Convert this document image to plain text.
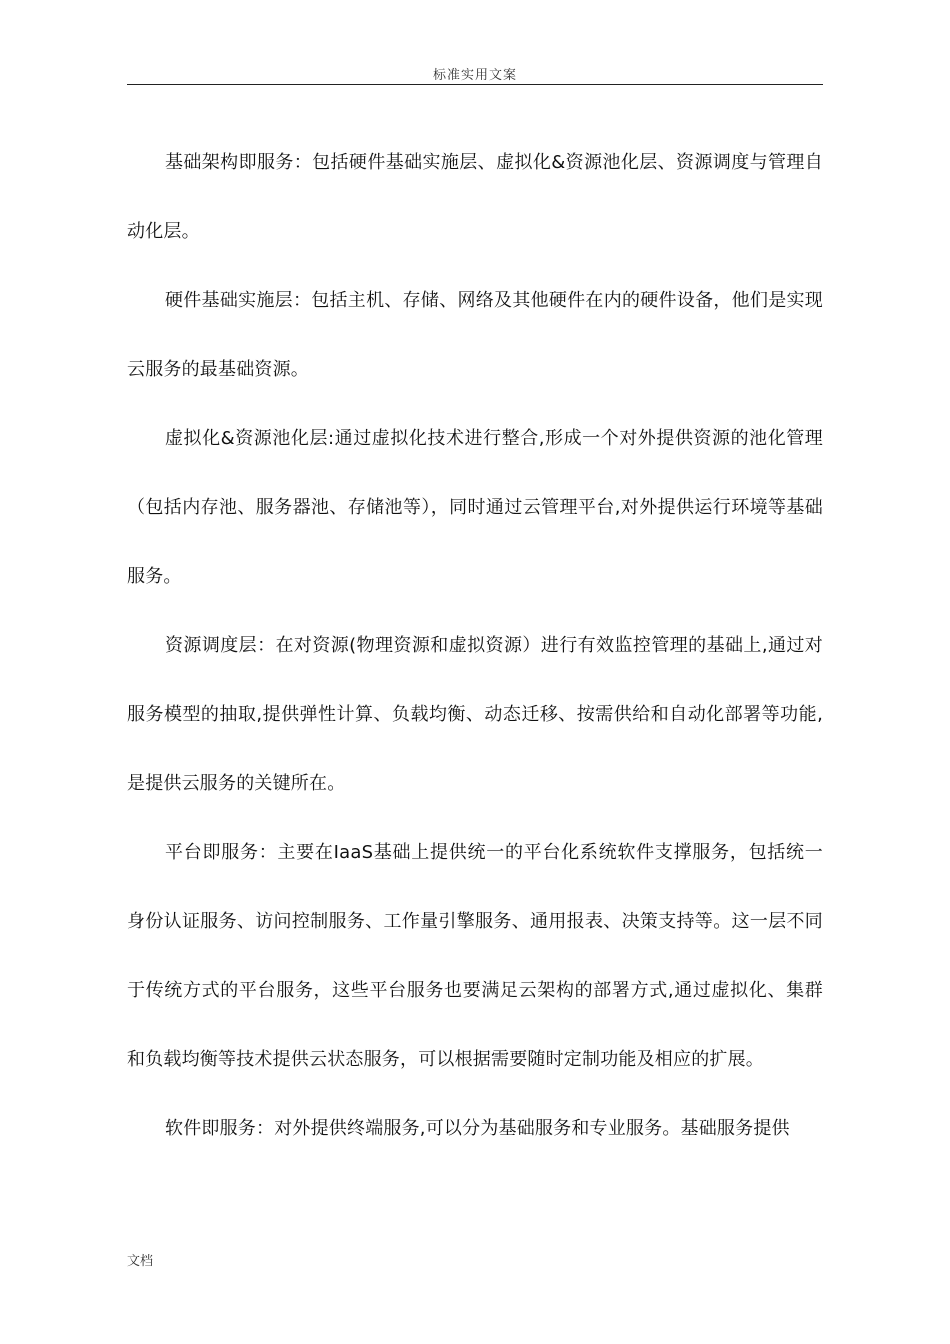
标准实用文案

基础架构即服务：包括硬件基础实施层、虚拟化&资源池化层、资源调度与管理自动化层。

硬件基础实施层：包括主机、存储、网络及其他硬件在内的硬件设备，他们是实现云服务的最基础资源。

虚拟化&资源池化层:通过虚拟化技术进行整合,形成一个对外提供资源的池化管理（包括内存池、服务器池、存储池等），同时通过云管理平台,对外提供运行环境等基础服务。

资源调度层：在对资源(物理资源和虚拟资源）进行有效监控管理的基础上,通过对服务模型的抽取,提供弹性计算、负载均衡、动态迁移、按需供给和自动化部署等功能,是提供云服务的关键所在。

平台即服务：主要在IaaS基础上提供统一的平台化系统软件支撑服务，包括统一身份认证服务、访问控制服务、工作量引擎服务、通用报表、决策支持等。这一层不同于传统方式的平台服务，这些平台服务也要满足云架构的部署方式,通过虚拟化、集群和负载均衡等技术提供云状态服务，可以根据需要随时定制功能及相应的扩展。

软件即服务：对外提供终端服务,可以分为基础服务和专业服务。基础服务提供

文档
